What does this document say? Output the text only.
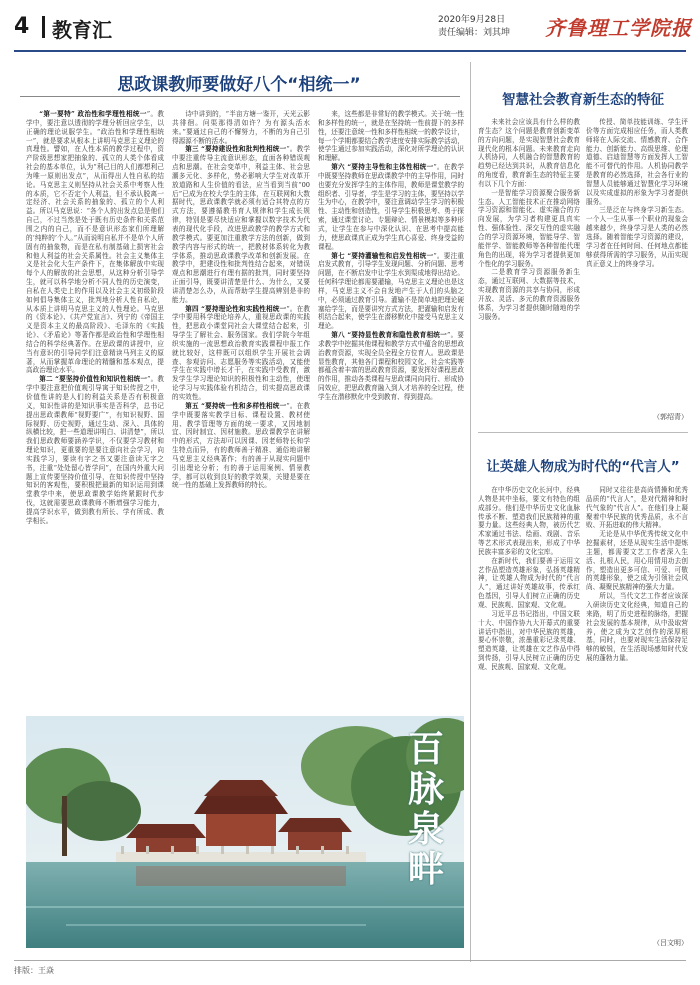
4 教育汇	2020年9月28日
责任编辑：刘其坤 齐鲁理工学院报
思政课教师要做好八个“相统一”

“第一要特” 政治性和学理性相统一”。教学中，要注意以透彻的学理分析回应学生，以正确的理论说服学生。“政治性和学理性相统一”，就是要求从根本上讲明马克思主义理论的真理性。譬如，在人性本质的教学过程中，资产阶级思想家把抽象的、孤立的人类个体看成社会的基本单位，认为“利己目的人们都想利己为唯一原则出发点”，从而得出人性自私的结论。马克思主义则坚持从社会关系中考察人性的本质，它不否定个人利益，但不承认脱离一定经济、社会关系的抽象的、孤立的个人利益。所以马克思说：“各个人的出发点总是他们自己，不过当然是处于既有历史条件和关系范围之内的自己，而不是意识形态家们所理解的‘纯粹的’个人。”从而说明自私并不是单个人所固有的抽象物，而是在私有制基础上损害社会和他人利益的社会关系属性。社会主义集体主义是社会化大生产条件下，在集体解放中实现每个人的解放的社会思想，从这种分析引导学生，就可以科学地分析不同人性的历史演变，自私在人类史上的作用以及社会主义初级阶段如何倡导集体主义，批判地分析人性自私论，从本质上讲明马克思主义的人性理论。马克思的《资本论》、《共产党宣言》、列宁的《帝国主义是资本主义的最高阶段》、毛泽东的《实践论》、《矛盾论》等著作都是政治性和学理性相结合的科学经典著作。在思政课的讲授中，应当有意识的引导同学们注意精读马列主义的原著，从而掌握革命理论的精髓和基本观点，提高政治理论水平。

第二 “要坚持价值性和知识性相统一”。教学中要注意把价值观引导寓于知识传授之中，价值性讲的是人们的利益关系是否有积极意义，知识性讲的是知识事实是否科学，总书记提出思政课教师“视野要广”，有知识视野、国际视野、历史视野，通过生动、深入、具体的纵横比较，把一些道理讲明白、讲清楚”，所以我们思政教师要涵养学识，不仅要学习教材和理论知识，更重要的是要注意向社会学习，向实践学习，要读有字之书又要注意读无字之书，注重“处处留心皆学问”，在国内外重大问题上宣传要坚持价值引导，在知识传授中坚持知识的客观性，要积极把最新的知识运用到课堂教学中来，使思政课教学始终紧跟时代步伐，这就需要思政课教师不断增强学习能力，提高学识水平，做到教有所长、学有所成、教学相长。

诗中讲到的，“半亩方塘一鉴开，天光云影共徘徊。问渠那得清如许？为有源头活水来。”要通过自己的不懈努力，不断的为自己引得源源不断的活水。

第三 “要持建设性和批判性相统一”。教学中要注重传导主流意识形态，直面各种错误观点和思潮。在社会变革中，利益主体、社会思潮多元化、多样化，势必影响大学生对改革开放道路和人生价值的看法，应当看到当前“00后”已成为在校大学生的主体，在互联网和大数据时代，思政课教学就必须有适合其特点的方式方法，要遵循教书育人规律和学生成长规律，特别是要尽快适应和掌握以数字技术为代表的现代化手段，改进思政教学的教学方式和教学模式。要更加注重教学方法的创新，做到教学内容与形式的统一，把教材体系转化为教学体系，推动思政课教学改革和创新发展。在教学中，把建设性和批判性结合起来，对错误观点和思潮进行有理有据的批判，同时要坚持正面引导，既要讲清楚是什么、为什么，又要讲清楚怎么办，从而帮助学生提高辨别是非的能力。

第四 “要持理论性和实践性相统一”。在教学中要用科学理论培养人，重视思政课的实践性，把思政小课堂同社会大课堂结合起来，引导学生了解社会、服务国家。我们学院今年组织实施的一流思想政治教育实践课程申报工作就比较好，这样既可以组织学生开展社会调查、参观访问、志愿服务等实践活动，又能使学生在实践中增长才干，在实践中受教育，激发学生学习理论知识的积极性和主动性，使理论学习与实践体验有机结合，切实提高思政课的实效性。

第五 “要持统一性和多样性相统一”。在教学中既要落实教学目标、课程设置、教材使用、教学管理等方面的统一要求，又因地制宜、因时制宜、因材施教。思政课教学在讲解中的形式，方法却可以因课、因老师特长和学生特点而异，有的教师善于精准、通俗地讲解马克思主义经典著作；有的善于从现实问题中引出理论分析；有的善于运用案例、情景教学，都可以收到良好的教学效果，关键是要在统一性的基础上发挥教师的特长。

来，这些都是非常好的教学模式。关于统一性和多样性的统一，就是在坚持统一性前提下的多样性，还要注意统一性和多样性相统一的教学设计，每一个学期都要结合教学进度安排实际教学活动，使学生通过参加实践活动，深化对所学理论的认识和理解。

第六 “要持主导性和主体性相统一”。在教学中既要坚持教师在思政课教学中的主导作用，同时也要充分发挥学生的主体作用，教师是课堂教学的组织者、引导者，学生是学习的主体，要坚持以学生为中心，在教学中，要注意调动学生学习的积极性、主动性和创造性，引导学生积极思考、勇于探索，通过课堂讨论、专题辩论、情景模拟等多种形式，让学生在参与中深化认识、在思考中提高能力，使思政课真正成为学生真心喜爱、终身受益的课程。

第七 “要持灌输性和启发性相统一”。要注重启发式教育，引导学生发现问题、分析问题、思考问题，在不断启发中让学生水到渠成地得出结论。任何科学理论都需要灌输，马克思主义理论也是这样，马克思主义不会自发地产生于人们的头脑之中，必须通过教育引导。灌输不是简单地把理论硬塞给学生，而是要讲究方式方法，把灌输和启发有机结合起来，使学生在潜移默化中接受马克思主义理论。

第八 “要持显性教育和隐性教育相统一”。要求教学中挖掘其他课程和教学方式中蕴含的思想政治教育资源，实现全员全程全方位育人。思政课是显性教育，其他各门课程和校园文化、社会实践等都蕴含着丰富的思政教育资源，要发挥好课程思政的作用，推动各类课程与思政课同向同行、形成协同效应，把思政教育融入到人才培养的全过程，使学生在潜移默化中受到教育、得到提高。

百脉泉畔
智慧社会教育新生态的特征

未来社会应该具有什么样的教育生态？这个问题是教育创新变革的方向问题，是实现智慧社会教育现代化的根本问题。未来教育走向人机协同，人机融合的智慧教育的趋势已经达到共识，从教育信息化的角度看，教育新生态的特征主要有以下几个方面：

一是智能学习资源聚合服务新生态。人工智能技术正在推动网络学习资源和智能化、虚实融合的方向发展，为学习者构建更具真实性、强体验性、深交互性的虚实融合的学习资源环境，智能导学、智能伴学、智能教师等各种智能代理角色的出现，将为学习者提供更加个性化的学习服务。

二是教育学习资源服务新生态，通过互联网、大数据等技术，实现教育资源的共享与协同，形成开放、灵活、多元的教育资源服务体系，为学习者提供随时随地的学习服务。

传授、简单技能训练、学生评价等方面完成相应任务，而人类教师将在人际交流、情感教育、合作能力、创新能力、高级思维、伦理道德、启迪智慧等方面发挥人工智能不可替代的作用。人机协同教学是教育的必然选择，社会各行业的智慧人员能够通过智慧化学习环境以及实成虚拟的形象为学习者提供服务。

三是泛在与终身学习新生态。一个人一生从事一个职业的现象会越来越少，终身学习是人类的必然选择。随着智能学习资源的建设，学习者在任何时间、任何地点都能够获得所需的学习服务，从而实现真正意义上的终身学习。

（郭绍青）
让英雄人物成为时代的“代言人”

在中华历史文化长河中，经典人物是其中坐标，要文有特色的组成部分。他们是中华历史文化血脉传承不断、塑造我们民族精神的重要力量。这些经典人物，被历代艺术家通过书法、绘画、戏剧、音乐等艺术形式表现出来，形成了中华民族丰富多彩的文化宝库。

在新时代，我们要善于运用文艺作品塑造英雄形象，弘扬英雄精神，让英雄人物成为时代的“代言人”，通过讲好英雄故事，传承红色基因，引导人们树立正确的历史观、民族观、国家观、文化观。

习近平总书记指出，中国文联十大、中国作协九大开幕式的重要讲话中指出，对中华民族的英雄，要心怀崇敬，浓墨重彩记录英雄、塑造英雄，让英雄在文艺作品中得到传扬，引导人民树立正确的历史观、民族观、国家观、文化观。

同时又往往是高尚情操和优秀品质的“代言人”，是对代精神和时代气象的“代言人”。在他们身上凝聚着中华民族的优秀品质，永不言败、开拓进取的伟大精神。

无论是从中华优秀传统文化中挖掘素材，还是从现实生活中提炼主题，都需要文艺工作者深入生活、扎根人民，用心用情用功去创作，塑造出更多可信、可爱、可敬的英雄形象，使之成为引领社会风尚、凝聚民族精神的强大力量。

所以，当代文艺工作者应该深入研读历史文化经典，知道自己的来路，明了历史进程的脉络，把握社会发展的基本规律，从中汲取营养，使之成为文艺创作的深厚根基，同时，也要对现实生活保持足够的敏锐，在生活现场感知时代发展的蓬勃力量。

（吕文明）
排版：王焱
